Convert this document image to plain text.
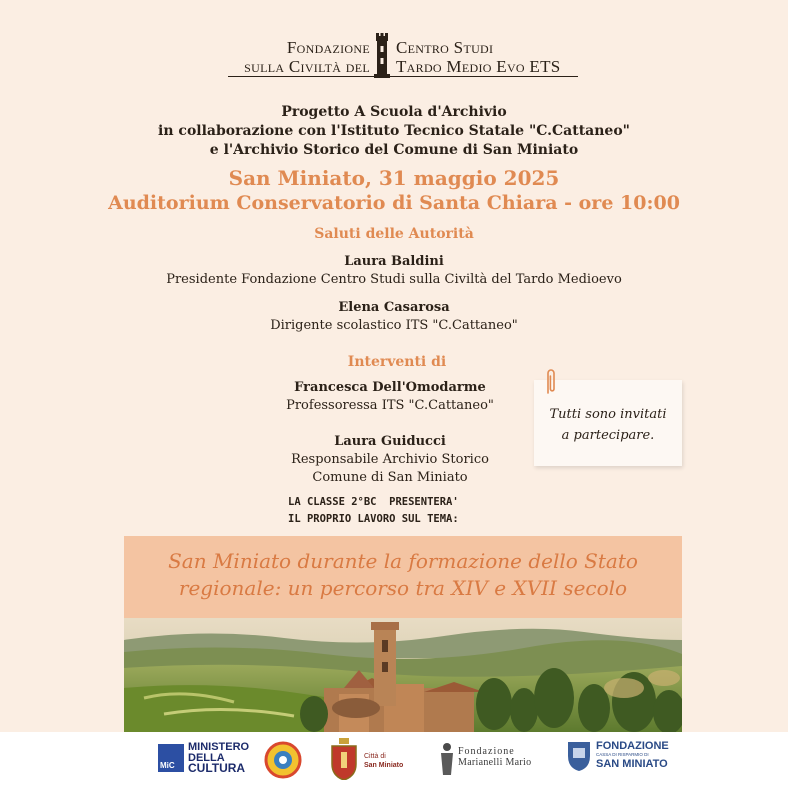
Fondazione
sulla Civiltà del
Centro Studi
Tardo Medio Evo ETS
Progetto A Scuola d'Archivio
in collaborazione con l'Istituto Tecnico Statale "C.Cattaneo"
e l'Archivio Storico del Comune di San Miniato
San Miniato, 31 maggio 2025
Auditorium Conservatorio di Santa Chiara - ore 10:00
Saluti delle Autorità
Laura Baldini
Presidente Fondazione Centro Studi sulla Civiltà del Tardo Medioevo
Elena Casarosa
Dirigente scolastico ITS "C.Cattaneo"
Interventi di
Francesca Dell'Omodarme
Professoressa ITS "C.Cattaneo"
Laura Guiducci
Responsabile Archivio Storico
Comune di San Miniato

Tutti sono invitati
a partecipare.

LA CLASSE 2°BC  PRESENTERA'
IL PROPRIO LAVORO SUL TEMA:
San Miniato durante la formazione dello Stato
regionale: un percorso tra XIV e XVII secolo
MiC
MINISTERO
DELLA
CULTURA
Città di
San Miniato
Fondazione
Marianelli Mario
FONDAZIONE
CASSA DI RISPARMIO DI
SAN MINIATO
